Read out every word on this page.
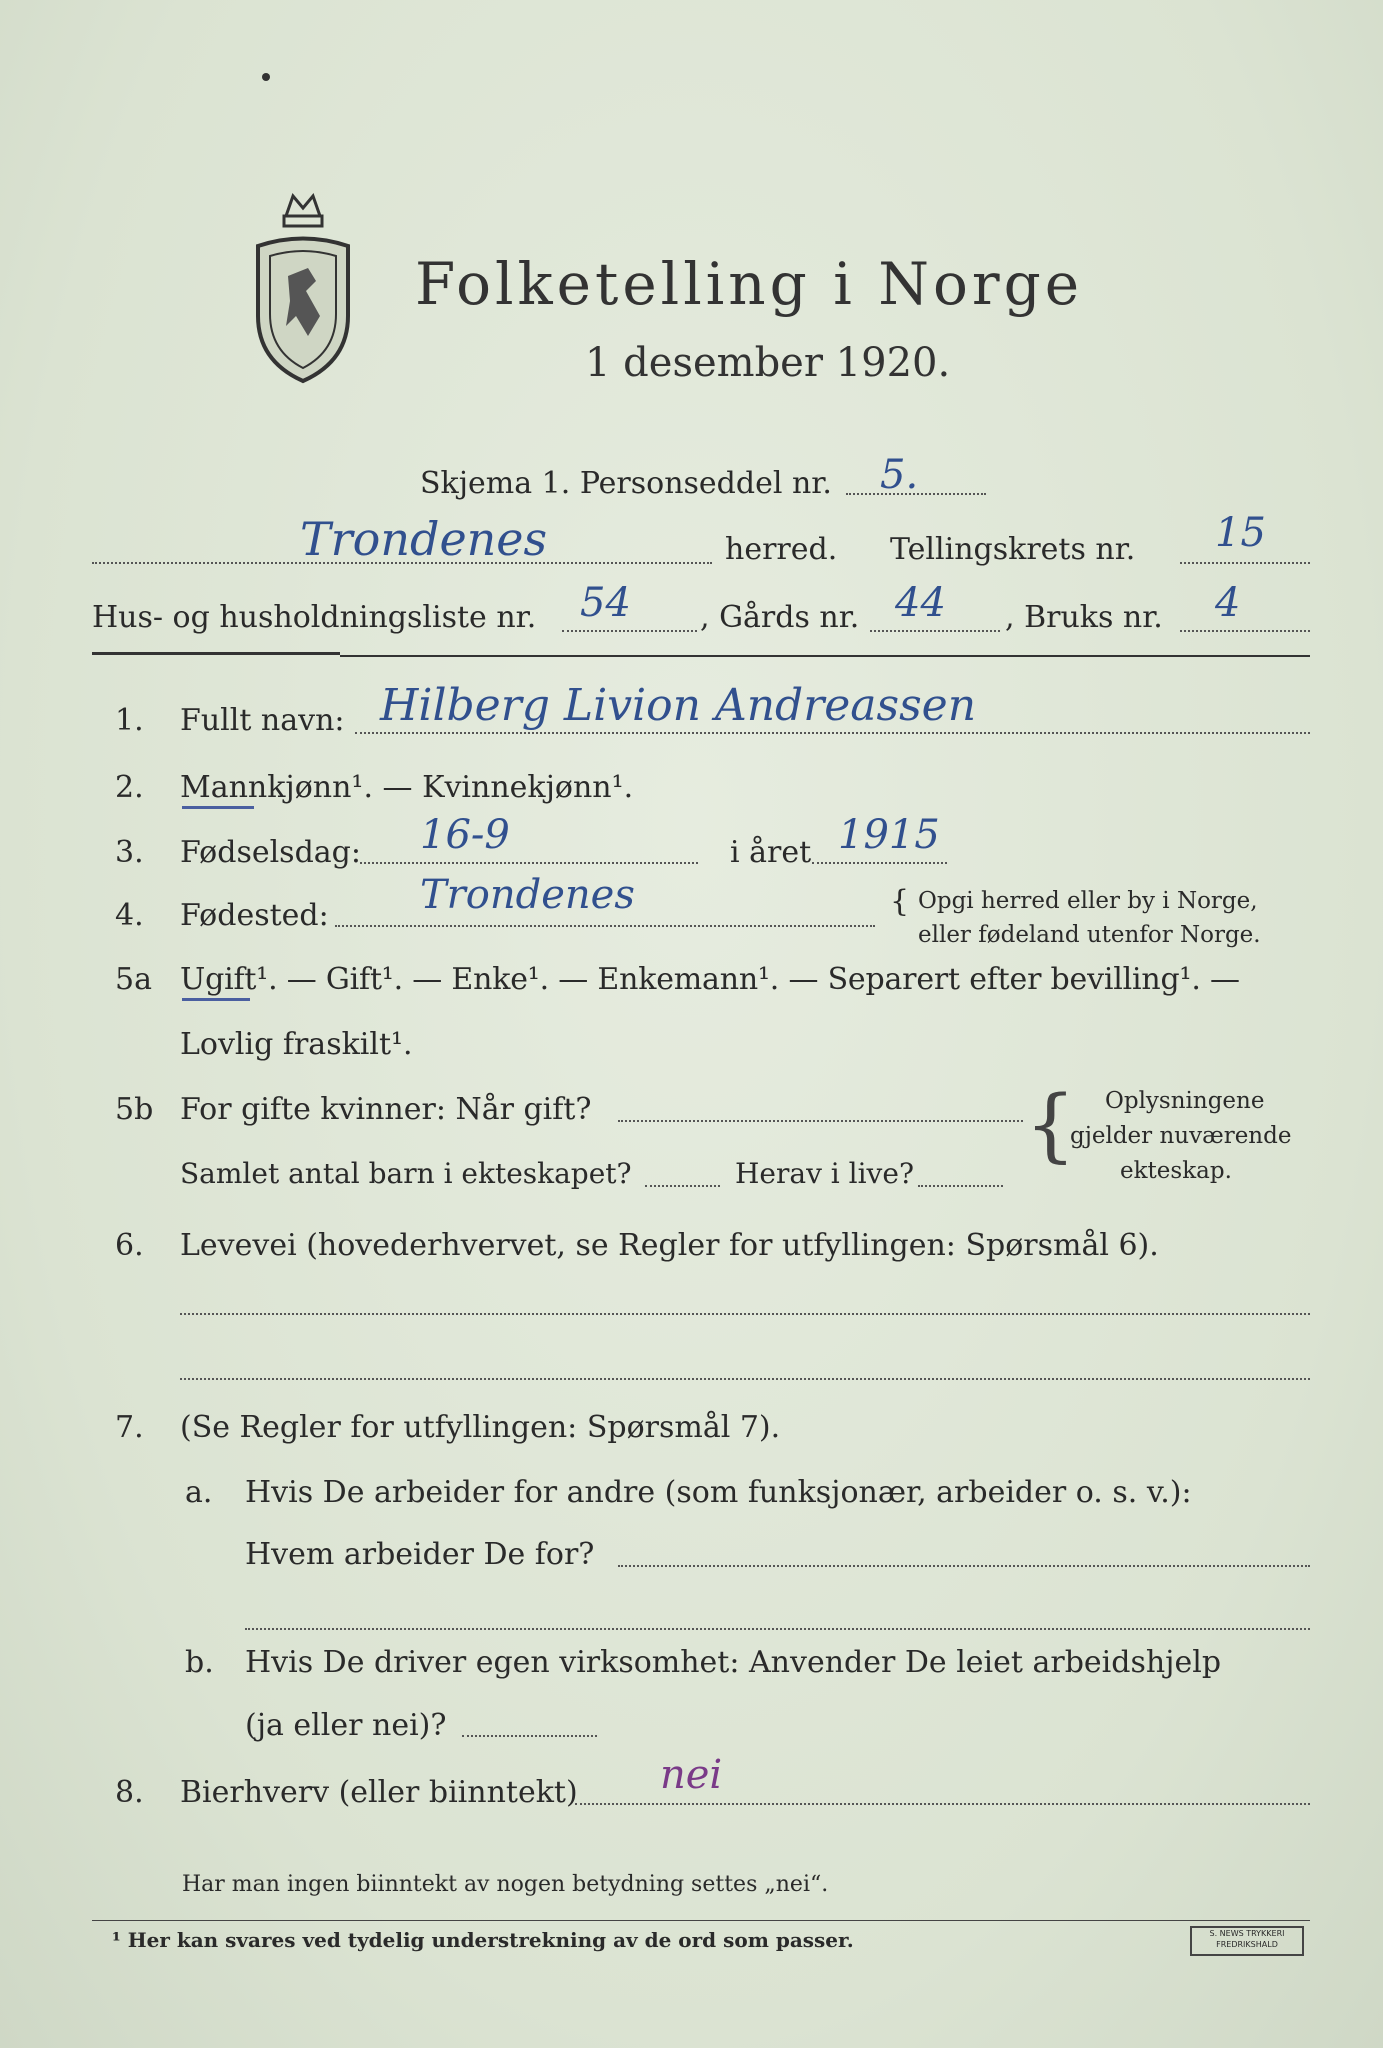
Folketelling i Norge
1 desember 1920.
Skjema 1. Personseddel nr. 5.
Trondenes	herred. Tellingskrets nr. 15
Hus- og husholdningsliste nr. 54 , Gårds nr. 44 , Bruks nr. 4
1. Fullt navn: Hilberg Livion Andreassen
2. Mannkjønn¹. — Kvinnekjønn¹.
3. Fødselsdag: 16-9	i året 1915
4. Fødested: Trondenes	{ Opgi herred eller by i Norge,
eller fødeland utenfor Norge.
5a Ugift¹. — Gift¹. — Enke¹. — Enkemann¹. — Separert efter bevilling¹. —
Lovlig fraskilt¹.
5b For gifte kvinner: Når gift?
Samlet antal barn i ekteskapet?	Herav i live?
{ Oplysningene
gjelder nuværende
ekteskap.
6. Levevei (hovederhvervet, se Regler for utfyllingen: Spørsmål 6).
7. (Se Regler for utfyllingen: Spørsmål 7).
a. Hvis De arbeider for andre (som funksjonær, arbeider o. s. v.):
Hvem arbeider De for?
b. Hvis De driver egen virksomhet: Anvender De leiet arbeidshjelp
(ja eller nei)?
8. Bierhverv (eller biinntekt) nei
Har man ingen biinntekt av nogen betydning settes „nei“.
¹ Her kan svares ved tydelig understrekning av de ord som passer.	S. NEWS TRYKKERI FREDRIKSHALD
